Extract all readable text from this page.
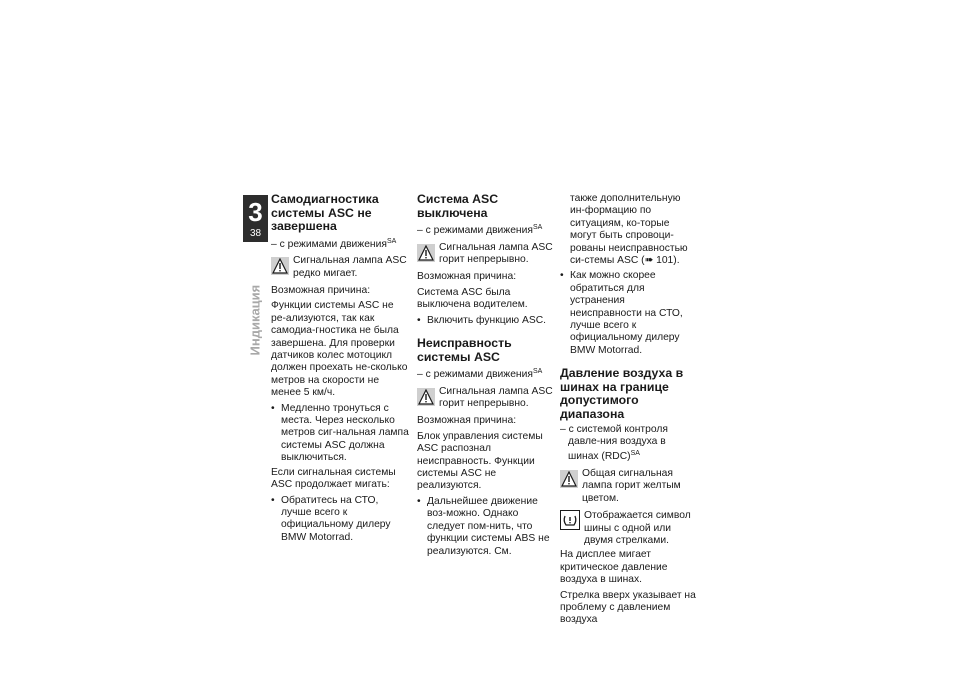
3
38
Индикация
Самодиагностика системы ASC не завершена

– с режимами движения$^{SA}$

Сигнальная лампа ASC редко мигает.

Возможная причина:

Функции системы ASC не ре-ализуются, так как самодиа-гностика не была завершена. Для проверки датчиков колес мотоцикл должен проехать не-сколько метров на скорости не менее 5 км/ч.

• Медленно тронуться с места. Через несколько метров сиг-нальная лампа системы ASC должна выключиться.

Если сигнальная системы ASC продолжает мигать:

• Обратитесь на СТО, лучше всего к официальному дилеру BMW Motorrad.
Система ASC выключена

– с режимами движения$^{SA}$

Сигнальная лампа ASC горит непрерывно.

Возможная причина:

Система ASC была выключена водителем.

• Включить функцию ASC.
Неисправность системы ASC

– с режимами движения$^{SA}$

Сигнальная лампа ASC горит непрерывно.

Возможная причина:

Блок управления системы ASC распознал неисправность. Функции системы ASC не реализуются.

• Дальнейшее движение воз-можно. Однако следует пом-нить, что функции системы ABS не реализуются. См.

также дополнительную ин-формацию по ситуациям, ко-торые могут быть спровоци-рованы неисправностью си-стемы ASC (➠ 101).

• Как можно скорее обратиться для устранения неисправности на СТО, лучше всего к официальному дилеру BMW Motorrad.
Давление воздуха в шинах на границе допустимого диапазона

– с системой контроля давле-ния воздуха в шинах (RDC)$^{SA}$

Общая сигнальная лампа горит желтым цветом.
Отображается символ шины с одной или двумя стрелками.

На дисплее мигает критическое давление воздуха в шинах.

Стрелка вверх указывает на проблему с давлением воздуха
